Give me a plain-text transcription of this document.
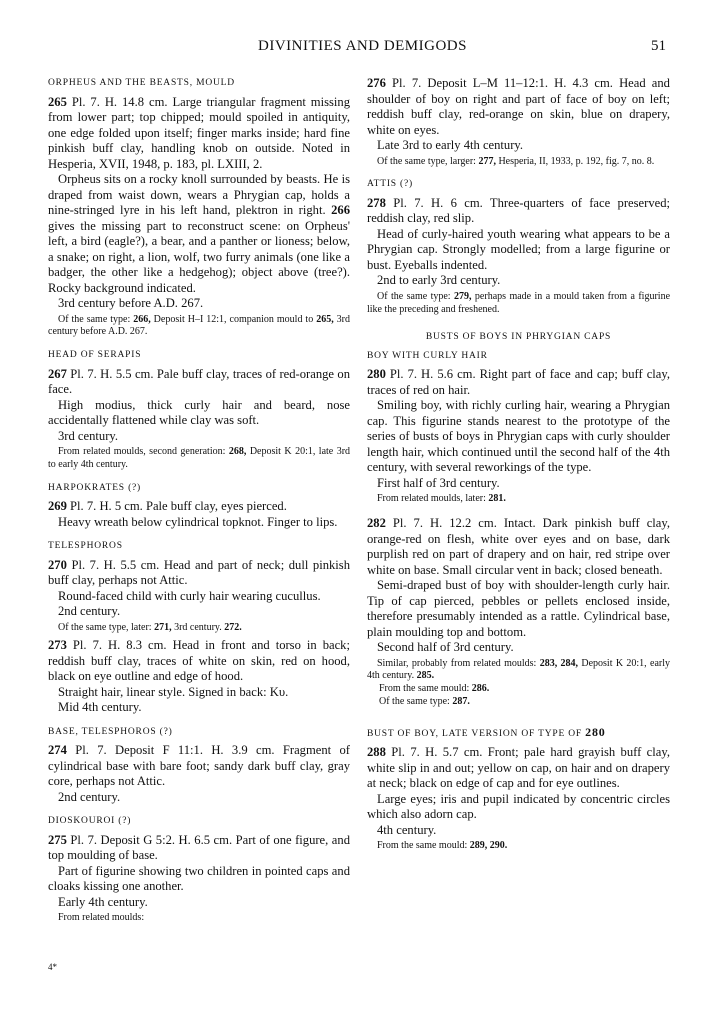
DIVINITIES AND DEMIGODS	51
ORPHEUS AND THE BEASTS, MOULD

265 Pl. 7. H. 14.8 cm. Large triangular fragment missing from lower part; top chipped; mould spoiled in antiquity, one edge folded upon itself; finger marks inside; hard fine pinkish buff clay, handling knob on outside. Noted in Hesperia, XVII, 1948, p. 183, pl. LXIII, 2.

Orpheus sits on a rocky knoll surrounded by beasts. He is draped from waist down, wears a Phrygian cap, holds a nine-stringed lyre in his left hand, plektron in right. 266 gives the missing part to reconstruct scene: on Orpheus' left, a bird (eagle?), a bear, and a panther or lioness; below, a snake; on right, a lion, wolf, two furry animals (one like a badger, the other like a hedgehog); object above (tree?). Rocky background indicated.

3rd century before A.D. 267.

Of the same type: 266, Deposit H–I 12:1, companion mould to 265, 3rd century before A.D. 267.

HEAD OF SERAPIS

267 Pl. 7. H. 5.5 cm. Pale buff clay, traces of red-orange on face.

High modius, thick curly hair and beard, nose accidentally flattened while clay was soft.

3rd century.

From related moulds, second generation: 268, Deposit K 20:1, late 3rd to early 4th century.

HARPOKRATES (?)

269 Pl. 7. H. 5 cm. Pale buff clay, eyes pierced.

Heavy wreath below cylindrical topknot. Finger to lips.

TELESPHOROS

270 Pl. 7. H. 5.5 cm. Head and part of neck; dull pinkish buff clay, perhaps not Attic.

Round-faced child with curly hair wearing cucullus.

2nd century.

Of the same type, later: 271, 3rd century. 272.

273 Pl. 7. H. 8.3 cm. Head in front and torso in back; reddish buff clay, traces of white on skin, red on hood, black on eye outline and edge of hood.

Straight hair, linear style. Signed in back: Κυ.

Mid 4th century.

BASE, TELESPHOROS (?)

274 Pl. 7. Deposit F 11:1. H. 3.9 cm. Fragment of cylindrical base with bare foot; sandy dark buff clay, gray core, perhaps not Attic.

2nd century.

DIOSKOUROI (?)

275 Pl. 7. Deposit G 5:2. H. 6.5 cm. Part of one figure, and top moulding of base.

Part of figurine showing two children in pointed caps and cloaks kissing one another.

Early 4th century.

From related moulds:

4*

276 Pl. 7. Deposit L–M 11–12:1. H. 4.3 cm. Head and shoulder of boy on right and part of face of boy on left; reddish buff clay, red-orange on skin, blue on drapery, white on eyes.

Late 3rd to early 4th century.

Of the same type, larger: 277, Hesperia, II, 1933, p. 192, fig. 7, no. 8.

ATTIS (?)

278 Pl. 7. H. 6 cm. Three-quarters of face preserved; reddish clay, red slip.

Head of curly-haired youth wearing what appears to be a Phrygian cap. Strongly modelled; from a large figurine or bust. Eyeballs indented.

2nd to early 3rd century.

Of the same type: 279, perhaps made in a mould taken from a figurine like the preceding and freshened.

BUSTS OF BOYS IN PHRYGIAN CAPS
BOY WITH CURLY HAIR

280 Pl. 7. H. 5.6 cm. Right part of face and cap; buff clay, traces of red on hair.

Smiling boy, with richly curling hair, wearing a Phrygian cap. This figurine stands nearest to the prototype of the series of busts of boys in Phrygian caps with curly shoulder length hair, which continued until the second half of the 4th century, with several reworkings of the type.

First half of 3rd century.

From related moulds, later: 281.

282 Pl. 7. H. 12.2 cm. Intact. Dark pinkish buff clay, orange-red on flesh, white over eyes and on base, dark purplish red on part of drapery and on hair, red stripe over white on base. Small circular vent in back; closed beneath.

Semi-draped bust of boy with shoulder-length curly hair. Tip of cap pierced, pebbles or pellets enclosed inside, therefore presumably intended as a rattle. Cylindrical base, plain moulding top and bottom.

Second half of 3rd century.

Similar, probably from related moulds: 283, 284, Deposit K 20:1, early 4th century. 285.

From the same mould: 286.

Of the same type: 287.

BUST OF BOY, LATE VERSION OF TYPE OF 280

288 Pl. 7. H. 5.7 cm. Front; pale hard grayish buff clay, white slip in and out; yellow on cap, on hair and on drapery at neck; black on edge of cap and for eye outlines.

Large eyes; iris and pupil indicated by concentric circles which also adorn cap.

4th century.

From the same mould: 289, 290.
